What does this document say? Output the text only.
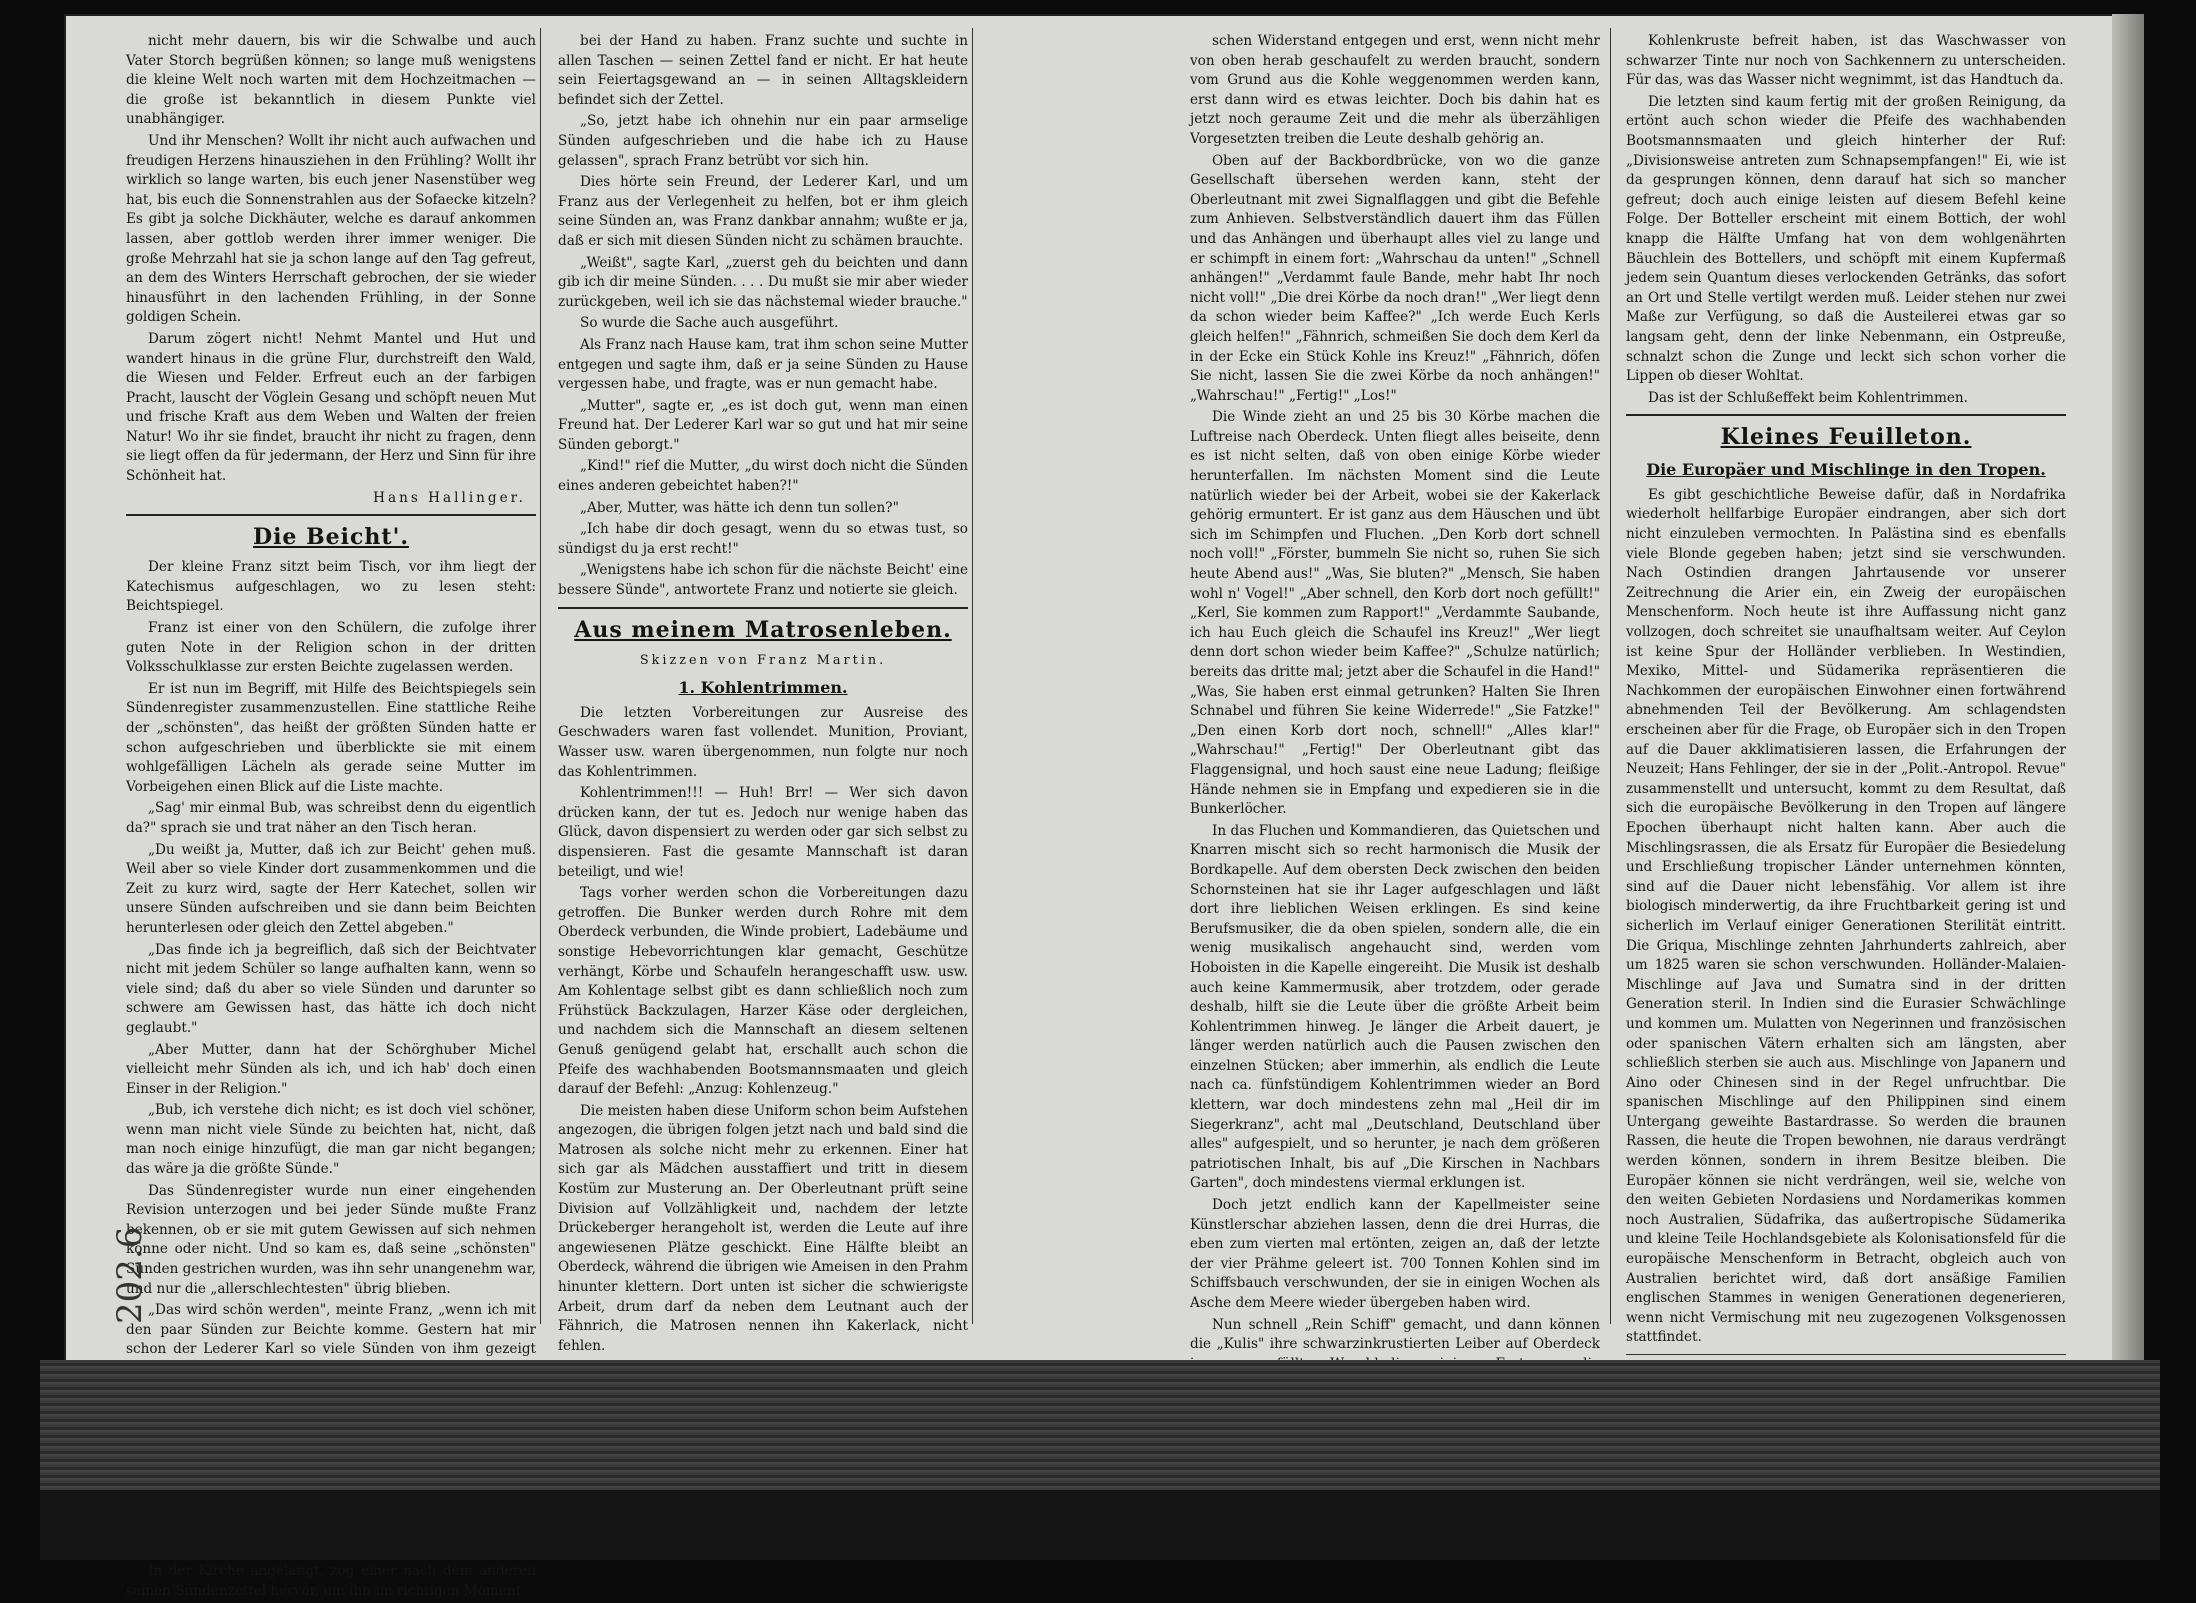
nicht mehr dauern, bis wir die Schwalbe und auch Vater Storch begrüßen können; so lange muß wenigstens die kleine Welt noch warten mit dem Hochzeitmachen — die große ist bekanntlich in diesem Punkte viel unabhängiger.

Und ihr Menschen? Wollt ihr nicht auch aufwachen und freudigen Herzens hinausziehen in den Frühling? Wollt ihr wirklich so lange warten, bis euch jener Nasenstüber weg hat, bis euch die Sonnenstrahlen aus der Sofaecke kitzeln? Es gibt ja solche Dickhäuter, welche es darauf ankommen lassen, aber gottlob werden ihrer immer weniger. Die große Mehrzahl hat sie ja schon lange auf den Tag gefreut, an dem des Winters Herrschaft gebrochen, der sie wieder hinausführt in den lachenden Frühling, in der Sonne goldigen Schein.

Darum zögert nicht! Nehmt Mantel und Hut und wandert hinaus in die grüne Flur, durchstreift den Wald, die Wiesen und Felder. Erfreut euch an der farbigen Pracht, lauscht der Vöglein Gesang und schöpft neuen Mut und frische Kraft aus dem Weben und Walten der freien Natur! Wo ihr sie findet, braucht ihr nicht zu fragen, denn sie liegt offen da für jedermann, der Herz und Sinn für ihre Schönheit hat.

Hans Hallinger.
Die Beicht'.

Der kleine Franz sitzt beim Tisch, vor ihm liegt der Katechismus aufgeschlagen, wo zu lesen steht: Beichtspiegel.

Franz ist einer von den Schülern, die zufolge ihrer guten Note in der Religion schon in der dritten Volksschulklasse zur ersten Beichte zugelassen werden.

Er ist nun im Begriff, mit Hilfe des Beichtspiegels sein Sündenregister zusammenzustellen. Eine stattliche Reihe der „schönsten", das heißt der größten Sünden hatte er schon aufgeschrieben und überblickte sie mit einem wohlgefälligen Lächeln als gerade seine Mutter im Vorbeigehen einen Blick auf die Liste machte.

„Sag' mir einmal Bub, was schreibst denn du eigentlich da?" sprach sie und trat näher an den Tisch heran.

„Du weißt ja, Mutter, daß ich zur Beicht' gehen muß. Weil aber so viele Kinder dort zusammenkommen und die Zeit zu kurz wird, sagte der Herr Katechet, sollen wir unsere Sünden aufschreiben und sie dann beim Beichten herunterlesen oder gleich den Zettel abgeben."

„Das finde ich ja begreiflich, daß sich der Beichtvater nicht mit jedem Schüler so lange aufhalten kann, wenn so viele sind; daß du aber so viele Sünden und darunter so schwere am Gewissen hast, das hätte ich doch nicht geglaubt."

„Aber Mutter, dann hat der Schörghuber Michel vielleicht mehr Sünden als ich, und ich hab' doch einen Einser in der Religion."

„Bub, ich verstehe dich nicht; es ist doch viel schöner, wenn man nicht viele Sünde zu beichten hat, nicht, daß man noch einige hinzufügt, die man gar nicht begangen; das wäre ja die größte Sünde."

Das Sündenregister wurde nun einer eingehenden Revision unterzogen und bei jeder Sünde mußte Franz bekennen, ob er sie mit gutem Gewissen auf sich nehmen könne oder nicht. Und so kam es, daß seine „schönsten" Sünden gestrichen wurden, was ihn sehr unangenehm war, und nur die „allerschlechtesten" übrig blieben.

„Das wird schön werden", meinte Franz, „wenn ich mit den paar Sünden zur Beichte komme. Gestern hat mir schon der Lederer Karl so viele Sünden von ihm gezeigt

In der Kirche angelangt, zog einer nach dem anderen seinen Sündenzettel hervor, um ihn im richtigen Moment

bei der Hand zu haben. Franz suchte und suchte in allen Taschen — seinen Zettel fand er nicht. Er hat heute sein Feiertagsgewand an — in seinen Alltagskleidern befindet sich der Zettel.

„So, jetzt habe ich ohnehin nur ein paar armselige Sünden aufgeschrieben und die habe ich zu Hause gelassen", sprach Franz betrübt vor sich hin.

Dies hörte sein Freund, der Lederer Karl, und um Franz aus der Verlegenheit zu helfen, bot er ihm gleich seine Sünden an, was Franz dankbar annahm; wußte er ja, daß er sich mit diesen Sünden nicht zu schämen brauchte.

„Weißt", sagte Karl, „zuerst geh du beichten und dann gib ich dir meine Sünden. . . . Du mußt sie mir aber wieder zurückgeben, weil ich sie das nächstemal wieder brauche."

So wurde die Sache auch ausgeführt.

Als Franz nach Hause kam, trat ihm schon seine Mutter entgegen und sagte ihm, daß er ja seine Sünden zu Hause vergessen habe, und fragte, was er nun gemacht habe.

„Mutter", sagte er, „es ist doch gut, wenn man einen Freund hat. Der Lederer Karl war so gut und hat mir seine Sünden geborgt."

„Kind!" rief die Mutter, „du wirst doch nicht die Sünden eines anderen gebeichtet haben?!"

„Aber, Mutter, was hätte ich denn tun sollen?"

„Ich habe dir doch gesagt, wenn du so etwas tust, so sündigst du ja erst recht!"

„Wenigstens habe ich schon für die nächste Beicht' eine bessere Sünde", antwortete Franz und notierte sie gleich.

Aus meinem Matrosenleben.
Skizzen von Franz Martin.
1. Kohlentrimmen.

Die letzten Vorbereitungen zur Ausreise des Geschwaders waren fast vollendet. Munition, Proviant, Wasser usw. waren übergenommen, nun folgte nur noch das Kohlentrimmen.

Kohlentrimmen!!! — Huh! Brr! — Wer sich davon drücken kann, der tut es. Jedoch nur wenige haben das Glück, davon dispensiert zu werden oder gar sich selbst zu dispensieren. Fast die gesamte Mannschaft ist daran beteiligt, und wie!

Tags vorher werden schon die Vorbereitungen dazu getroffen. Die Bunker werden durch Rohre mit dem Oberdeck verbunden, die Winde probiert, Ladebäume und sonstige Hebevorrichtungen klar gemacht, Geschütze verhängt, Körbe und Schaufeln herangeschafft usw. usw. Am Kohlentage selbst gibt es dann schließlich noch zum Frühstück Backzulagen, Harzer Käse oder dergleichen, und nachdem sich die Mannschaft an diesem seltenen Genuß genügend gelabt hat, erschallt auch schon die Pfeife des wachhabenden Bootsmannsmaaten und gleich darauf der Befehl: „Anzug: Kohlenzeug."

Die meisten haben diese Uniform schon beim Aufstehen angezogen, die übrigen folgen jetzt nach und bald sind die Matrosen als solche nicht mehr zu erkennen. Einer hat sich gar als Mädchen ausstaffiert und tritt in diesem Kostüm zur Musterung an. Der Oberleutnant prüft seine Division auf Vollzähligkeit und, nachdem der letzte Drückeberger herangeholt ist, werden die Leute auf ihre angewiesenen Plätze geschickt. Eine Hälfte bleibt an Oberdeck, während die übrigen wie Ameisen in den Prahm hinunter klettern. Dort unten ist sicher die schwierigste Arbeit, drum darf da neben dem Leutnant auch der Fähnrich, die Matrosen nennen ihn Kakerlack, nicht fehlen.

schen Widerstand entgegen und erst, wenn nicht mehr von oben herab geschaufelt zu werden braucht, sondern vom Grund aus die Kohle weggenommen werden kann, erst dann wird es etwas leichter. Doch bis dahin hat es jetzt noch geraume Zeit und die mehr als überzähligen Vorgesetzten treiben die Leute deshalb gehörig an.

Oben auf der Backbordbrücke, von wo die ganze Gesellschaft übersehen werden kann, steht der Oberleutnant mit zwei Signalflaggen und gibt die Befehle zum Anhieven. Selbstverständlich dauert ihm das Füllen und das Anhängen und überhaupt alles viel zu lange und er schimpft in einem fort: „Wahrschau da unten!" „Schnell anhängen!" „Verdammt faule Bande, mehr habt Ihr noch nicht voll!" „Die drei Körbe da noch dran!" „Wer liegt denn da schon wieder beim Kaffee?" „Ich werde Euch Kerls gleich helfen!" „Fähnrich, schmeißen Sie doch dem Kerl da in der Ecke ein Stück Kohle ins Kreuz!" „Fähnrich, döfen Sie nicht, lassen Sie die zwei Körbe da noch anhängen!" „Wahrschau!" „Fertig!" „Los!"

Die Winde zieht an und 25 bis 30 Körbe machen die Luftreise nach Oberdeck. Unten fliegt alles beiseite, denn es ist nicht selten, daß von oben einige Körbe wieder herunterfallen. Im nächsten Moment sind die Leute natürlich wieder bei der Arbeit, wobei sie der Kakerlack gehörig ermuntert. Er ist ganz aus dem Häuschen und übt sich im Schimpfen und Fluchen. „Den Korb dort schnell noch voll!" „Förster, bummeln Sie nicht so, ruhen Sie sich heute Abend aus!" „Was, Sie bluten?" „Mensch, Sie haben wohl n' Vogel!" „Aber schnell, den Korb dort noch gefüllt!" „Kerl, Sie kommen zum Rapport!" „Verdammte Saubande, ich hau Euch gleich die Schaufel ins Kreuz!" „Wer liegt denn dort schon wieder beim Kaffee?" „Schulze natürlich; bereits das dritte mal; jetzt aber die Schaufel in die Hand!" „Was, Sie haben erst einmal getrunken? Halten Sie Ihren Schnabel und führen Sie keine Widerrede!" „Sie Fatzke!" „Den einen Korb dort noch, schnell!" „Alles klar!" „Wahrschau!" „Fertig!" Der Oberleutnant gibt das Flaggensignal, und hoch saust eine neue Ladung; fleißige Hände nehmen sie in Empfang und expedieren sie in die Bunkerlöcher.

In das Fluchen und Kommandieren, das Quietschen und Knarren mischt sich so recht harmonisch die Musik der Bordkapelle. Auf dem obersten Deck zwischen den beiden Schornsteinen hat sie ihr Lager aufgeschlagen und läßt dort ihre lieblichen Weisen erklingen. Es sind keine Berufsmusiker, die da oben spielen, sondern alle, die ein wenig musikalisch angehaucht sind, werden vom Hoboisten in die Kapelle eingereiht. Die Musik ist deshalb auch keine Kammermusik, aber trotzdem, oder gerade deshalb, hilft sie die Leute über die größte Arbeit beim Kohlentrimmen hinweg. Je länger die Arbeit dauert, je länger werden natürlich auch die Pausen zwischen den einzelnen Stücken; aber immerhin, als endlich die Leute nach ca. fünfstündigem Kohlentrimmen wieder an Bord klettern, war doch mindestens zehn mal „Heil dir im Siegerkranz", acht mal „Deutschland, Deutschland über alles" aufgespielt, und so herunter, je nach dem größeren patriotischen Inhalt, bis auf „Die Kirschen in Nachbars Garten", doch mindestens viermal erklungen ist.

Doch jetzt endlich kann der Kapellmeister seine Künstlerschar abziehen lassen, denn die drei Hurras, die eben zum vierten mal ertönten, zeigen an, daß der letzte der vier Prähme geleert ist. 700 Tonnen Kohlen sind im Schiffsbauch verschwunden, der sie in einigen Wochen als Asche dem Meere wieder übergeben haben wird.

Nun schnell „Rein Schiff" gemacht, und dann können die „Kulis" ihre schwarzinkrustierten Leiber auf Oberdeck

Kohlenkruste befreit haben, ist das Waschwasser von schwarzer Tinte nur noch von Sachkennern zu unterscheiden. Für das, was das Wasser nicht wegnimmt, ist das Handtuch da.

Die letzten sind kaum fertig mit der großen Reinigung, da ertönt auch schon wieder die Pfeife des wachhabenden Bootsmannsmaaten und gleich hinterher der Ruf: „Divisionsweise antreten zum Schnapsempfangen!" Ei, wie ist da gesprungen können, denn darauf hat sich so mancher gefreut; doch auch einige leisten auf diesem Befehl keine Folge. Der Botteller erscheint mit einem Bottich, der wohl knapp die Hälfte Umfang hat von dem wohlgenährten Bäuchlein des Bottellers, und schöpft mit einem Kupfermaß jedem sein Quantum dieses verlockenden Getränks, das sofort an Ort und Stelle vertilgt werden muß. Leider stehen nur zwei Maße zur Verfügung, so daß die Austeilerei etwas gar so langsam geht, denn der linke Nebenmann, ein Ostpreuße, schnalzt schon die Zunge und leckt sich schon vorher die Lippen ob dieser Wohltat.

Das ist der Schlußeffekt beim Kohlentrimmen.

Kleines Feuilleton.
Die Europäer und Mischlinge in den Tropen.

Es gibt geschichtliche Beweise dafür, daß in Nordafrika wiederholt hellfarbige Europäer eindrangen, aber sich dort nicht einzuleben vermochten. In Palästina sind es ebenfalls viele Blonde gegeben haben; jetzt sind sie verschwunden. Nach Ostindien drangen Jahrtausende vor unserer Zeitrechnung die Arier ein, ein Zweig der europäischen Menschenform. Noch heute ist ihre Auffassung nicht ganz vollzogen, doch schreitet sie unaufhaltsam weiter. Auf Ceylon ist keine Spur der Holländer verblieben. In Westindien, Mexiko, Mittel- und Südamerika repräsentieren die Nachkommen der europäischen Einwohner einen fortwährend abnehmenden Teil der Bevölkerung. Am schlagendsten erscheinen aber für die Frage, ob Europäer sich in den Tropen auf die Dauer akklimatisieren lassen, die Erfahrungen der Neuzeit; Hans Fehlinger, der sie in der „Polit.-Antropol. Revue" zusammenstellt und untersucht, kommt zu dem Resultat, daß sich die europäische Bevölkerung in den Tropen auf längere Epochen überhaupt nicht halten kann. Aber auch die Mischlingsrassen, die als Ersatz für Europäer die Besiedelung und Erschließung tropischer Länder unternehmen könnten, sind auf die Dauer nicht lebensfähig. Vor allem ist ihre biologisch minderwertig, da ihre Fruchtbarkeit gering ist und sicherlich im Verlauf einiger Generationen Sterilität eintritt. Die Griqua, Mischlinge zehnten Jahrhunderts zahlreich, aber um 1825 waren sie schon verschwunden. Holländer-Malaien-Mischlinge auf Java und Sumatra sind in der dritten Generation steril. In Indien sind die Eurasier Schwächlinge und kommen um. Mulatten von Negerinnen und französischen oder spanischen Vätern erhalten sich am längsten, aber schließlich sterben sie auch aus. Mischlinge von Japanern und Aino oder Chinesen sind in der Regel unfruchtbar. Die spanischen Mischlinge auf den Philippinen sind einem Untergang geweihte Bastardrasse. So werden die braunen Rassen, die heute die Tropen bewohnen, nie daraus verdrängt werden können, sondern in ihrem Besitze bleiben. Die Europäer können sie nicht verdrängen, weil sie, welche von den weiten Gebieten Nordasiens und Nordamerikas kommen noch Australien, Südafrika, das außertropische Südamerika und kleine Teile Hochlandsgebiete als Kolonisationsfeld für die europäische Menschenform in Betracht, obgleich auch von Australien berichtet wird, daß dort ansäßige Familien englischen Stammes in wenigen Generationen degenerieren, wenn nicht Vermischung mit neu zugezogenen Volksgenossen stattfindet.

202.6
